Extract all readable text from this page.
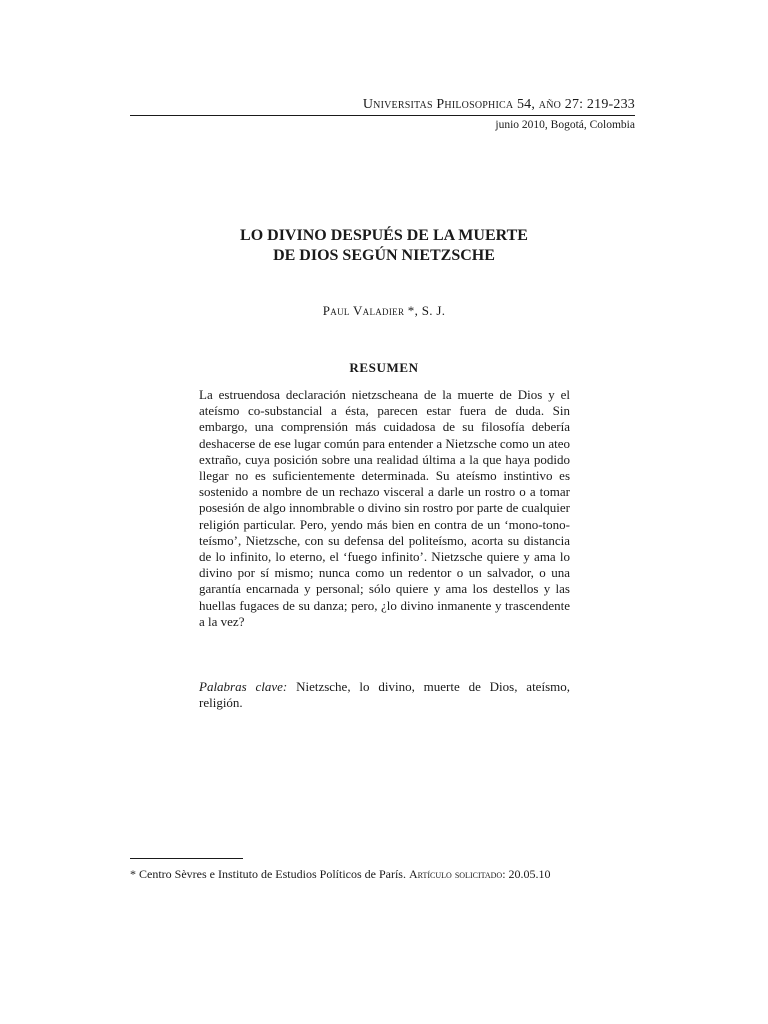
Universitas Philosophica 54, año 27: 219-233
junio 2010, Bogotá, Colombia
LO DIVINO DESPUÉS DE LA MUERTE
DE DIOS SEGÚN NIETZSCHE
Paul Valadier *, S. J.
RESUMEN

La estruendosa declaración nietzscheana de la muerte de Dios y el ateísmo co-substancial a ésta, parecen estar fuera de duda. Sin embargo, una comprensión más cuidadosa de su filosofía debería deshacerse de ese lugar común para entender a Nietzsche como un ateo extraño, cuya posición sobre una realidad última a la que haya podido llegar no es suficientemente determinada. Su ateísmo instintivo es sostenido a nombre de un rechazo visceral a darle un rostro o a tomar posesión de algo innombrable o divino sin rostro por parte de cualquier religión particular. Pero, yendo más bien en contra de un ‘mono-tono-teísmo’, Nietzsche, con su defensa del politeísmo, acorta su distancia de lo infinito, lo eterno, el ‘fuego infinito’. Nietzsche quiere y ama lo divino por sí mismo; nunca como un redentor o un salvador, o una garantía encarnada y personal; sólo quiere y ama los destellos y las huellas fugaces de su danza; pero, ¿lo divino inmanente y trascendente a la vez?

Palabras clave: Nietzsche, lo divino, muerte de Dios, ateísmo, religión.

* Centro Sèvres e Instituto de Estudios Políticos de París. Artículo solicitado: 20.05.10
